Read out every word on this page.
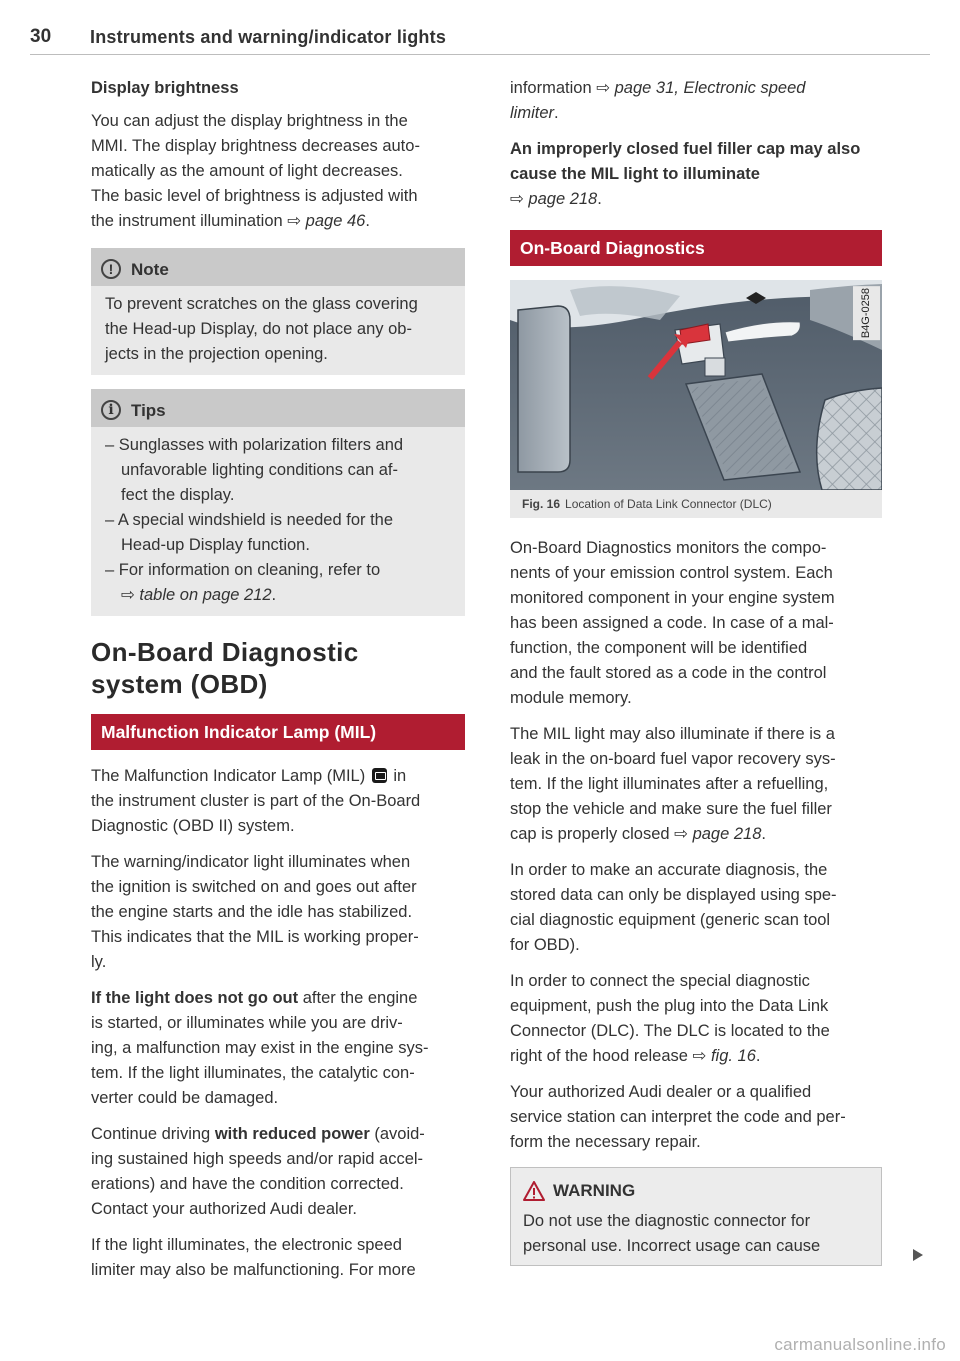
30 Instruments and warning/indicator lights
Display brightness

You can adjust the display brightness in the
MMI. The display brightness decreases auto-
matically as the amount of light decreases.
The basic level of brightness is adjusted with
the instrument illumination ⇨ page 46.

!	Note
To prevent scratches on the glass covering
the Head-up Display, do not place any ob-
jects in the projection opening.
i	Tips
– Sunglasses with polarization filters and
unfavorable lighting conditions can af-
fect the display.
– A special windshield is needed for the
Head-up Display function.
– For information on cleaning, refer to
⇨ table on page 212.
On-Board Diagnostic
system (OBD)
Malfunction Indicator Lamp (MIL)

The Malfunction Indicator Lamp (MIL)  in
the instrument cluster is part of the On-Board
Diagnostic (OBD II) system.

The warning/indicator light illuminates when
the ignition is switched on and goes out after
the engine starts and the idle has stabilized.
This indicates that the MIL is working proper-
ly.

If the light does not go out after the engine
is started, or illuminates while you are driv-
ing, a malfunction may exist in the engine sys-
tem. If the light illuminates, the catalytic con-
verter could be damaged.

Continue driving with reduced power (avoid-
ing sustained high speeds and/or rapid accel-
erations) and have the condition corrected.
Contact your authorized Audi dealer.

If the light illuminates, the electronic speed
limiter may also be malfunctioning. For more

information ⇨ page 31, Electronic speed
limiter.

An improperly closed fuel filler cap may also
cause the MIL light to illuminate
⇨ page 218.

On-Board Diagnostics
B4G-0258
Fig. 16 Location of Data Link Connector (DLC)

On-Board Diagnostics monitors the compo-
nents of your emission control system. Each
monitored component in your engine system
has been assigned a code. In case of a mal-
function, the component will be identified
and the fault stored as a code in the control
module memory.

The MIL light may also illuminate if there is a
leak in the on-board fuel vapor recovery sys-
tem. If the light illuminates after a refuelling,
stop the vehicle and make sure the fuel filler
cap is properly closed ⇨ page 218.

In order to make an accurate diagnosis, the
stored data can only be displayed using spe-
cial diagnostic equipment (generic scan tool
for OBD).

In order to connect the special diagnostic
equipment, push the plug into the Data Link
Connector (DLC). The DLC is located to the
right of the hood release ⇨ fig. 16.

Your authorized Audi dealer or a qualified
service station can interpret the code and per-
form the necessary repair.

WARNING
Do not use the diagnostic connector for
personal use. Incorrect usage can cause
carmanualsonline.info
